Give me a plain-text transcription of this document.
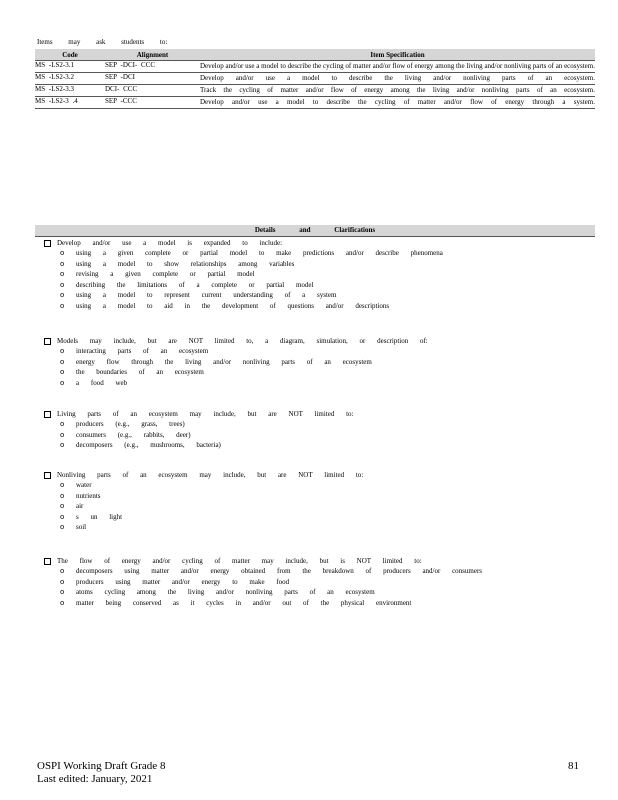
Items may ask students to:
Code	Alignment	Item Specification
MS -LS2-3.1	SEP -DCI- CCC	Develop and/or use a model to describe the cycling of matter and/or flow of energy among the living and/or nonliving parts of an ecosystem.
MS -LS2-3.2	SEP -DCI	Develop and/or use a model to describe the living and/or nonliving parts of an ecosystem.
MS -LS2-3.3	DCI- CCC	Track the cycling of matter and/or flow of energy among the living and/or nonliving parts of an ecosystem.
MS -LS2-3 .4	SEP -CCC	Develop and/or use a model to describe the cycling of matter and/or flow of energy through a system.
Details and Clarifications
Develop and/or use a model is expanded to include:
o using a given complete or partial model to make predictions and/or describe phenomena
o using a model to show relationships among variables
o revising a given complete or partial model
o describing the limitations of a complete or partial model
o using a model to represent current understanding of a system
o using a model to aid in the development of questions and/or descriptions
Models may include, but are NOT limited to, a diagram, simulation, or description of:
o interacting parts of an ecosystem
o energy flow through the living and/or nonliving parts of an ecosystem
o the boundaries of an ecosystem
o a food web
Living parts of an ecosystem may include, but are NOT limited to:
o producers (e.g., grass, trees)
o consumers (e.g., rabbits, deer)
o decomposers (e.g., mushrooms, bacteria)
Nonliving parts of an ecosystem may include, but are NOT limited to:
o water
o nutrients
o air
o s un light
o soil
The flow of energy and/or cycling of matter may include, but is NOT limited to:
o decomposers using matter and/or energy obtained from the breakdown of producers and/or consumers
o producers using matter and/or energy to make food
o atoms cycling among the living and/or nonliving parts of an ecosystem
o matter being conserved as it cycles in and/or out of the physical environment
OSPI Working Draft Grade 8
Last edited: January, 2021
81
